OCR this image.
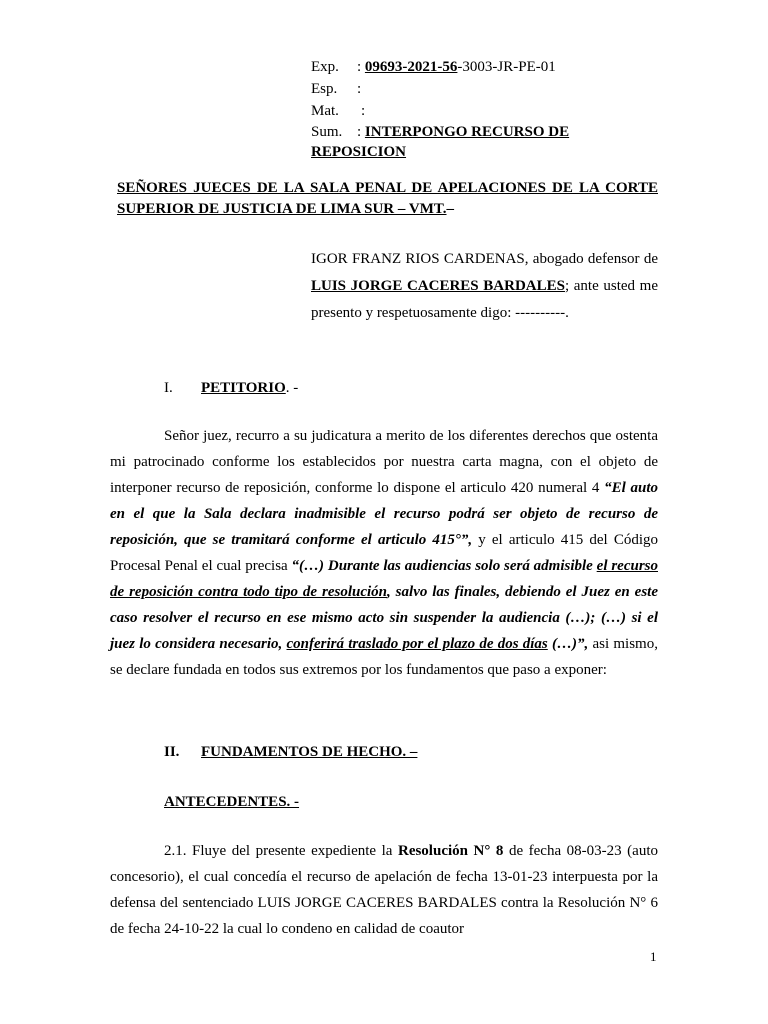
Exp. : 09693-2021-56-3003-JR-PE-01
Esp. :
Mat. :
Sum. : INTERPONGO RECURSO DE
REPOSICION
SEÑORES JUECES DE LA SALA PENAL DE APELACIONES DE LA CORTE SUPERIOR DE JUSTICIA DE LIMA SUR – VMT.–
IGOR FRANZ RIOS CARDENAS, abogado defensor de LUIS JORGE CACERES BARDALES; ante usted me presento y respetuosamente digo: ----------.
I. PETITORIO. -
Señor juez, recurro a su judicatura a merito de los diferentes derechos que ostenta mi patrocinado conforme los establecidos por nuestra carta magna, con el objeto de interponer recurso de reposición, conforme lo dispone el articulo 420 numeral 4 “El auto en el que la Sala declara inadmisible el recurso podrá ser objeto de recurso de reposición, que se tramitará conforme el articulo 415°”, y el articulo 415 del Código Procesal Penal el cual precisa “(…) Durante las audiencias solo será admisible el recurso de reposición contra todo tipo de resolución, salvo las finales, debiendo el Juez en este caso resolver el recurso en ese mismo acto sin suspender la audiencia (…); (…) si el juez lo considera necesario, conferirá traslado por el plazo de dos días (…)”, asi mismo, se declare fundada en todos sus extremos por los fundamentos que paso a exponer:
II. FUNDAMENTOS DE HECHO. –
ANTECEDENTES. -
2.1. Fluye del presente expediente la Resolución N° 8 de fecha 08-03-23 (auto concesorio), el cual concedía el recurso de apelación de fecha 13-01-23 interpuesta por la defensa del sentenciado LUIS JORGE CACERES BARDALES contra la Resolución N° 6 de fecha 24-10-22 la cual lo condeno en calidad de coautor
1
